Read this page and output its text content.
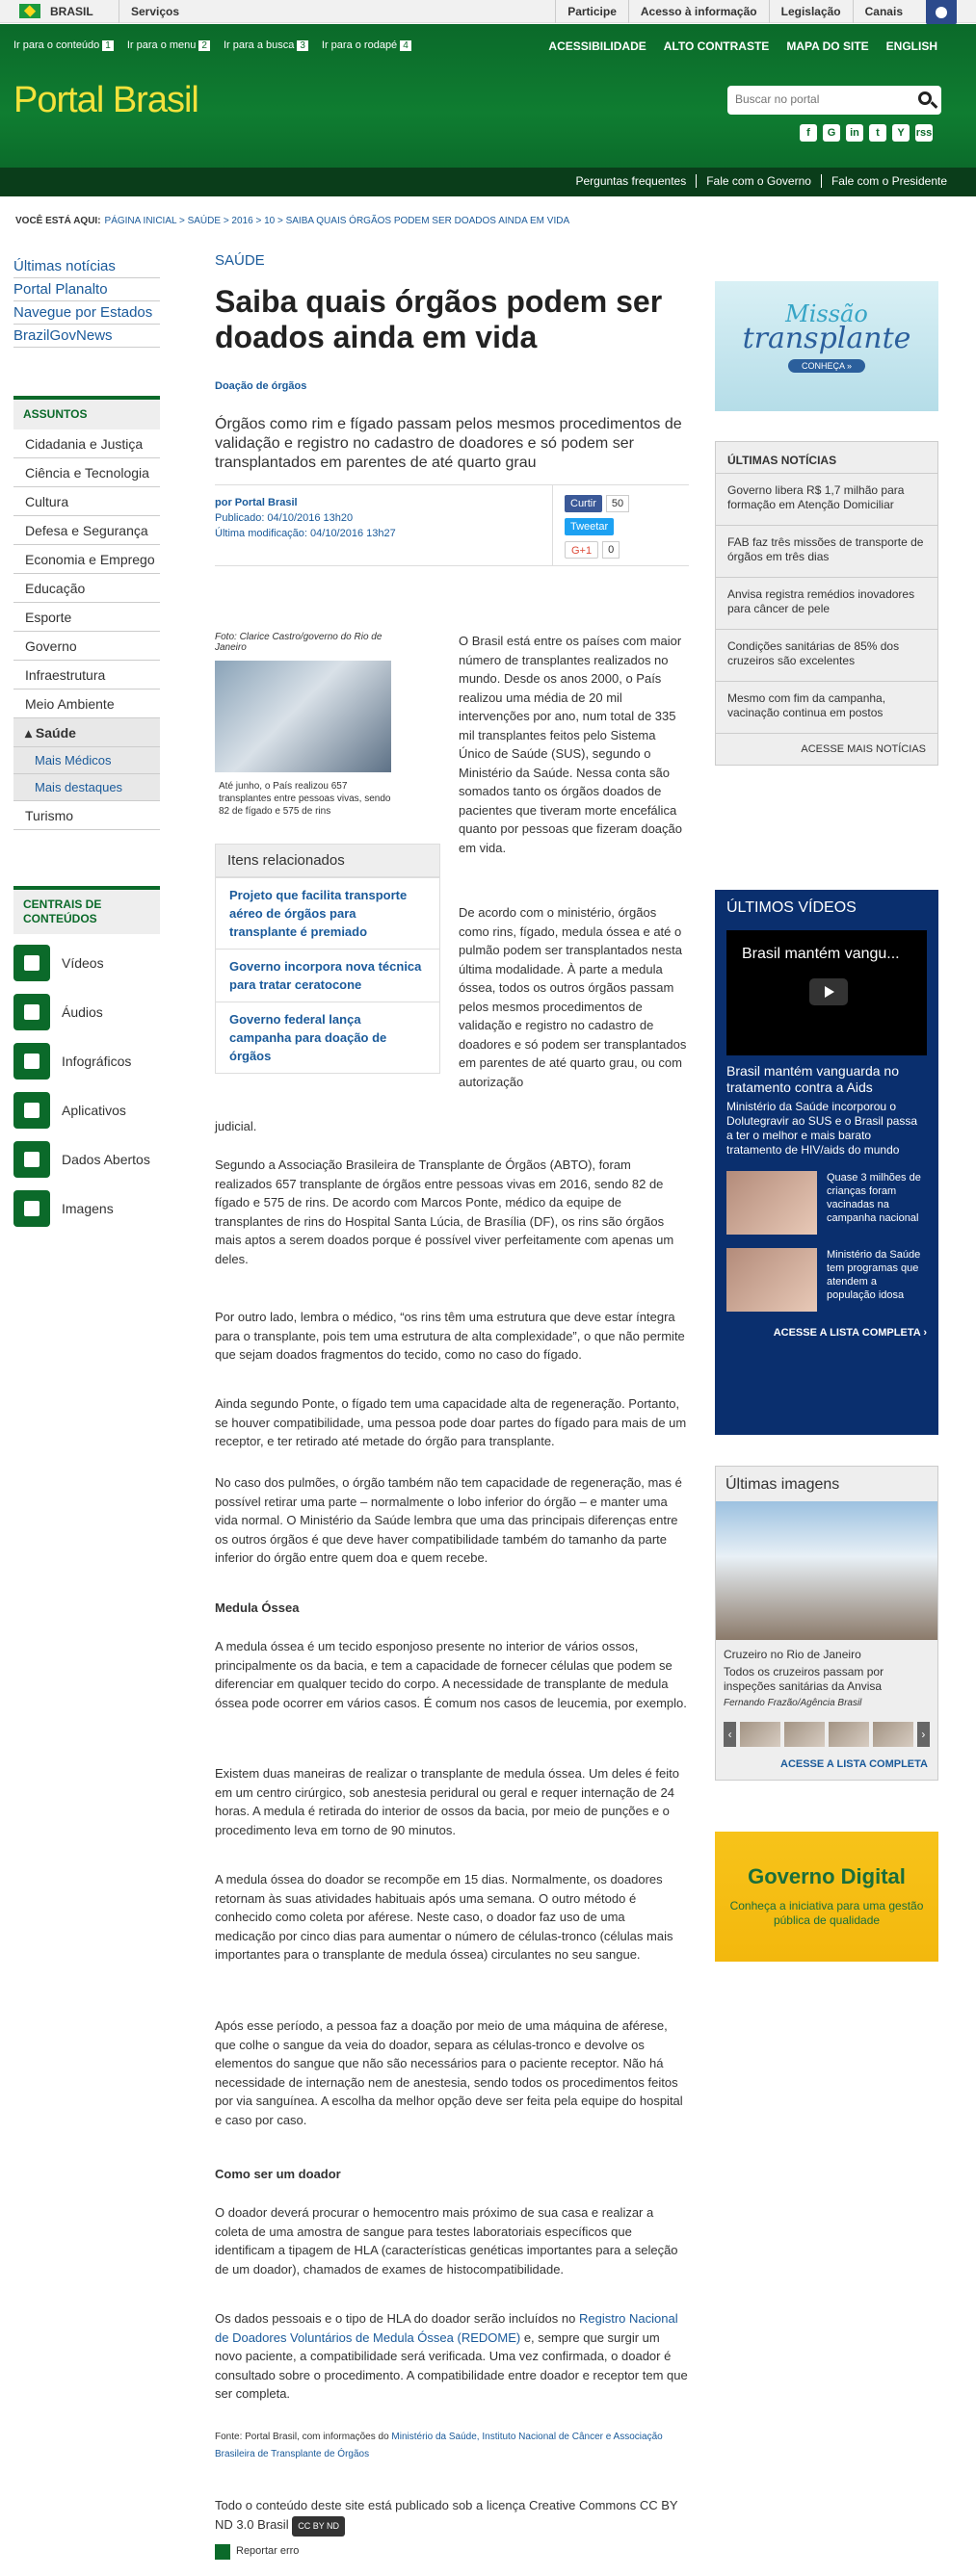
BRASIL	Serviços	Participe	Acesso à informação	Legislação	Canais
Ir para o conteúdo 1 Ir para o menu 2 Ir para a busca 3 Ir para o rodapé 4	ACESSIBILIDADE ALTO CONTRASTE MAPA DO SITE ENGLISH
Portal Brasil
Buscar no portal
f	G	in	t	Y	rss
Perguntas frequentes	Fale com o Governo	Fale com o Presidente
VOCÊ ESTÁ AQUI: PÁGINA INICIAL > SAÚDE > 2016 > 10 > SAIBA QUAIS ÓRGÃOS PODEM SER DOADOS AINDA EM VIDA
Últimas notícias
Portal Planalto
Navegue por Estados
BrazilGovNews
ASSUNTOS
Cidadania e Justiça
Ciência e Tecnologia
Cultura
Defesa e Segurança
Economia e Emprego
Educação
Esporte
Governo
Infraestrutura
Meio Ambiente
▴ Saúde
Mais Médicos
Mais destaques
Turismo
CENTRAIS DE CONTEÚDOS
Vídeos
Áudios
Infográficos
Aplicativos
Dados Abertos
Imagens
SAÚDE
Saiba quais órgãos podem ser doados ainda em vida
Doação de órgãos
Órgãos como rim e fígado passam pelos mesmos procedimentos de validação e registro no cadastro de doadores e só podem ser transplantados em parentes de até quarto grau
por Portal Brasil
Publicado: 04/10/2016 13h20
Última modificação: 04/10/2016 13h27
Curtir	50
Tweetar
G+1	0
Foto: Clarice Castro/governo do Rio de Janeiro
Até junho, o País realizou 657 transplantes entre pessoas vivas, sendo 82 de fígado e 575 de rins
Itens relacionados
Projeto que facilita transporte aéreo de órgãos para transplante é premiado
Governo incorpora nova técnica para tratar ceratocone
Governo federal lança campanha para doação de órgãos

O Brasil está entre os países com maior número de transplantes realizados no mundo. Desde os anos 2000, o País realizou uma média de 20 mil intervenções por ano, num total de 335 mil transplantes feitos pelo Sistema Único de Saúde (SUS), segundo o Ministério da Saúde. Nessa conta são somados tanto os órgãos doados de pacientes que tiveram morte encefálica quanto por pessoas que fizeram doação em vida.

De acordo com o ministério, órgãos como rins, fígado, medula óssea e até o pulmão podem ser transplantados nesta última modalidade. À parte a medula óssea, todos os outros órgãos passam pelos mesmos procedimentos de validação e registro no cadastro de doadores e só podem ser transplantados em parentes de até quarto grau, ou com autorização

judicial.

Segundo a Associação Brasileira de Transplante de Órgãos (ABTO), foram realizados 657 transplante de órgãos entre pessoas vivas em 2016, sendo 82 de fígado e 575 de rins. De acordo com Marcos Ponte, médico da equipe de transplantes de rins do Hospital Santa Lúcia, de Brasília (DF), os rins são órgãos mais aptos a serem doados porque é possível viver perfeitamente com apenas um deles.

Por outro lado, lembra o médico, “os rins têm uma estrutura que deve estar íntegra para o transplante, pois tem uma estrutura de alta complexidade”, o que não permite que sejam doados fragmentos do tecido, como no caso do fígado.

Ainda segundo Ponte, o fígado tem uma capacidade alta de regeneração. Portanto, se houver compatibilidade, uma pessoa pode doar partes do fígado para mais de um receptor, e ter retirado até metade do órgão para transplante.

No caso dos pulmões, o órgão também não tem capacidade de regeneração, mas é possível retirar uma parte – normalmente o lobo inferior do órgão – e manter uma vida normal. O Ministério da Saúde lembra que uma das principais diferenças entre os outros órgãos é que deve haver compatibilidade também do tamanho da parte inferior do órgão entre quem doa e quem recebe.

Medula Óssea

A medula óssea é um tecido esponjoso presente no interior de vários ossos, principalmente os da bacia, e tem a capacidade de fornecer células que podem se diferenciar em qualquer tecido do corpo. A necessidade de transplante de medula óssea pode ocorrer em vários casos. É comum nos casos de leucemia, por exemplo.

Existem duas maneiras de realizar o transplante de medula óssea. Um deles é feito em um centro cirúrgico, sob anestesia peridural ou geral e requer internação de 24 horas. A medula é retirada do interior de ossos da bacia, por meio de punções e o procedimento leva em torno de 90 minutos.

A medula óssea do doador se recompõe em 15 dias. Normalmente, os doadores retornam às suas atividades habituais após uma semana. O outro método é conhecido como coleta por aférese. Neste caso, o doador faz uso de uma medicação por cinco dias para aumentar o número de células-tronco (células mais importantes para o transplante de medula óssea) circulantes no seu sangue.

Após esse período, a pessoa faz a doação por meio de uma máquina de aférese, que colhe o sangue da veia do doador, separa as células-tronco e devolve os elementos do sangue que não são necessários para o paciente receptor. Não há necessidade de internação nem de anestesia, sendo todos os procedimentos feitos por via sanguínea. A escolha da melhor opção deve ser feita pela equipe do hospital e caso por caso.

Como ser um doador

O doador deverá procurar o hemocentro mais próximo de sua casa e realizar a coleta de uma amostra de sangue para testes laboratoriais específicos que identificam a tipagem de HLA (características genéticas importantes para a seleção de um doador), chamados de exames de histocompatibilidade.

Os dados pessoais e o tipo de HLA do doador serão incluídos no Registro Nacional de Doadores Voluntários de Medula Óssea (REDOME) e, sempre que surgir um novo paciente, a compatibilidade será verificada. Uma vez confirmada, o doador é consultado sobre o procedimento. A compatibilidade entre doador e receptor tem que ser completa.

Fonte: Portal Brasil, com informações do Ministério da Saúde, Instituto Nacional de Câncer e Associação Brasileira de Transplante de Órgãos

Todo o conteúdo deste site está publicado sob a licença Creative Commons CC BY ND 3.0 Brasil CC BY ND

Reportar erro
Missão
transplante
CONHEÇA »
ÚLTIMAS NOTÍCIAS
Governo libera R$ 1,7 milhão para formação em Atenção Domiciliar
FAB faz três missões de transporte de órgãos em três dias
Anvisa registra remédios inovadores para câncer de pele
Condições sanitárias de 85% dos cruzeiros são excelentes
Mesmo com fim da campanha, vacinação continua em postos
ACESSE MAIS NOTÍCIAS
ÚLTIMOS VÍDEOS
Brasil mantém vangu...
Brasil mantém vanguarda no tratamento contra a Aids
Ministério da Saúde incorporou o Dolutegravir ao SUS e o Brasil passa a ter o melhor e mais barato tratamento de HIV/aids do mundo
Quase 3 milhões de crianças foram vacinadas na campanha nacional
Ministério da Saúde tem programas que atendem a população idosa
ACESSE A LISTA COMPLETA ›
Últimas imagens
Cruzeiro no Rio de Janeiro
Todos os cruzeiros passam por inspeções sanitárias da Anvisa
Fernando Frazão/Agência Brasil
‹	›
ACESSE A LISTA COMPLETA
Governo Digital
Conheça a iniciativa para uma gestão pública de qualidade
